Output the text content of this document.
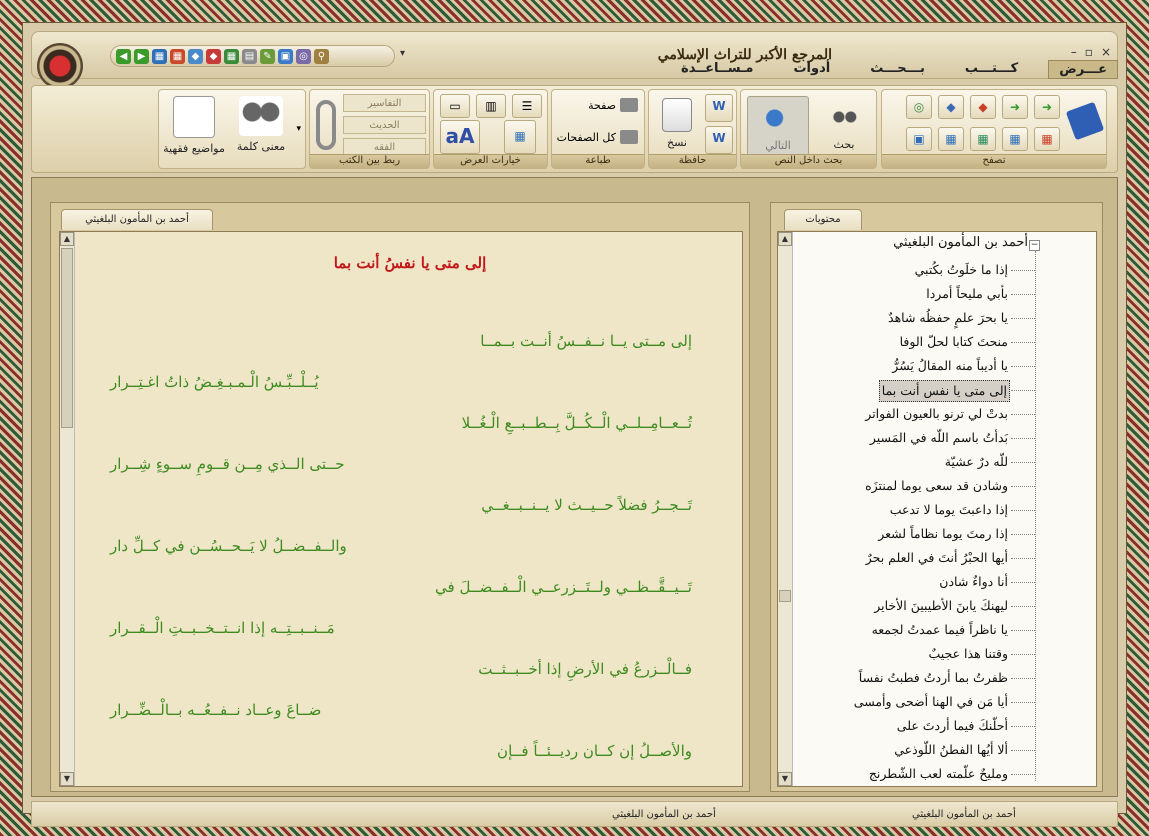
◀	▶ ▦ ▦ ◆	◆ ▦ ▤ ✎ ▣ ◎ ⚲	▾	المرجع الأكبر للتراث الإسلامي	– ▫ ×
عـــرض
كـــتـــب
بـــحـــث
أدوات
مـســاعــدة
➜
➜
◆
◆
◎
▦
▦
▦
▦
▣
تصفح
بحث
التالي
بحث داخل النص
W
W
نسخ
حافظة
صفحة
كل الصفحات
طباعة
▭	▥	☰
aA	▦
خيارات العرض
التفاسير
الحديث
الفقه
ربط بين الكتب
معنى كلمة
مواضيع فقهية
▾
أحمد بن المأمون البلغيثي
▲
▼
إلى متى يا نفسُ أنت بما
إلى مــتى يــا نــفــسُ أنــت بــمــا
يُــلْــبِّـسُ الْـمـبـغِـضُ ذاتُ اغـتِــرار
تُــعــامِــلــي الْــكُــلَّ بِــطــبــعِ الْـغُــلا
حــتى الــذي مِــن قــومِ ســوءٍ شِــرار
تَــجــرُ فضلاً حــيــث لا يــنــبــغــي
والــفــضــلُ لا يَــحــسُــن في كــلِّ دار
تَــيــقَّــظــي ولــتَــزرعــي الْــفــضــلَ في
مَــنــبــتِــه إذا انــتــخــبــتِ الْــقــرار
فــالْــزرعُ في الأرضِ إذا أخــبــثــت
ضــاعَ وعــاد نــفــعُــه بــالْــضِّــرار
والأصــلُ إن كــان رديــئــاً فــإن
محتويات
−
أحمد بن المأمون البلغيثي
إذا ما خلَوتُ بكُتبي
بأبي مليحاً أمردا
يا بحرَ علمٍ حفظُه شاهدٌ
منحتَ كتابا لحلّ الوفا
يا أديباً منه المقالُ يَسُرُّ
إلى متى يا نفس أنت بما
بدتْ لي ترنو بالعيون الفواتر
بَدأتُ باسم اللّه في المَسير
للّه درٌ عشيّة
وشادن قد سعى يوما لمنتزَه
إذا داعبتَ يوما لا تدعب
إذا رمتَ يوما نظاماً لشعر
أيها الحبْرُ أنتَ في العلم بحرٌ
أنا دواءٌ شادن
ليهنكَ يابنَ الأطيبينَ الأخاير
يا ناظراً فيما عمدتُ لجمعه
وقتنا هذا عجيبٌ
ظفرتُ بما أردتُ فطبتُ نفساً
أيا مَن في الهنا أضحى وأمسى
أحلّنكَ فيما أردتَ على
ألا أيُها الفطنُ اللّوذعي
ومليحٌ علّمته لعب الشّطرنج
▲
▼
أحمد بن المأمون البلغيثي	أحمد بن المأمون البلغيثي
